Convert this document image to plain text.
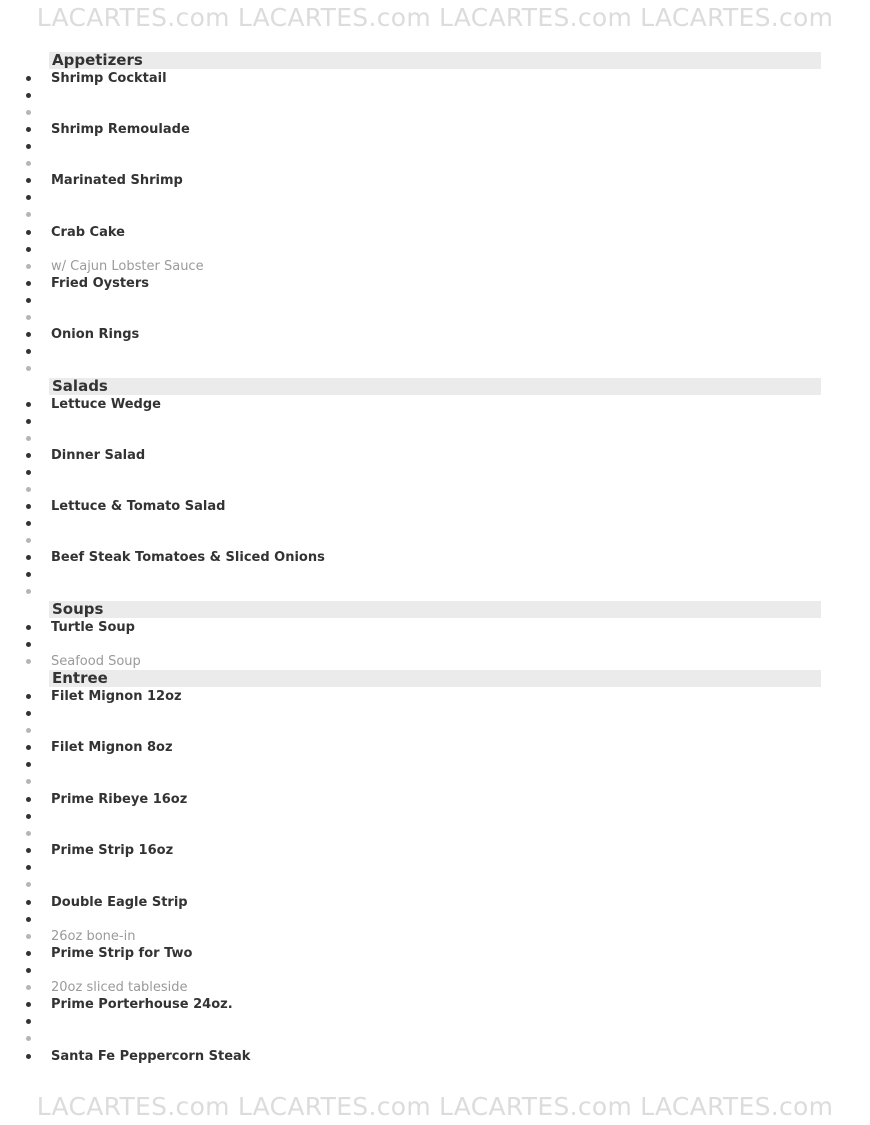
LACARTES.com LACARTES.com LACARTES.com LACARTES.com
Appetizers
Shrimp Cocktail
Shrimp Remoulade
Marinated Shrimp
Crab Cake
w/ Cajun Lobster Sauce
Fried Oysters
Onion Rings
Salads
Lettuce Wedge
Dinner Salad
Lettuce & Tomato Salad
Beef Steak Tomatoes & Sliced Onions
Soups
Turtle Soup
Seafood Soup
Entree
Filet Mignon 12oz
Filet Mignon 8oz
Prime Ribeye 16oz
Prime Strip 16oz
Double Eagle Strip
26oz bone-in
Prime Strip for Two
20oz sliced tableside
Prime Porterhouse 24oz.
Santa Fe Peppercorn Steak
LACARTES.com LACARTES.com LACARTES.com LACARTES.com
